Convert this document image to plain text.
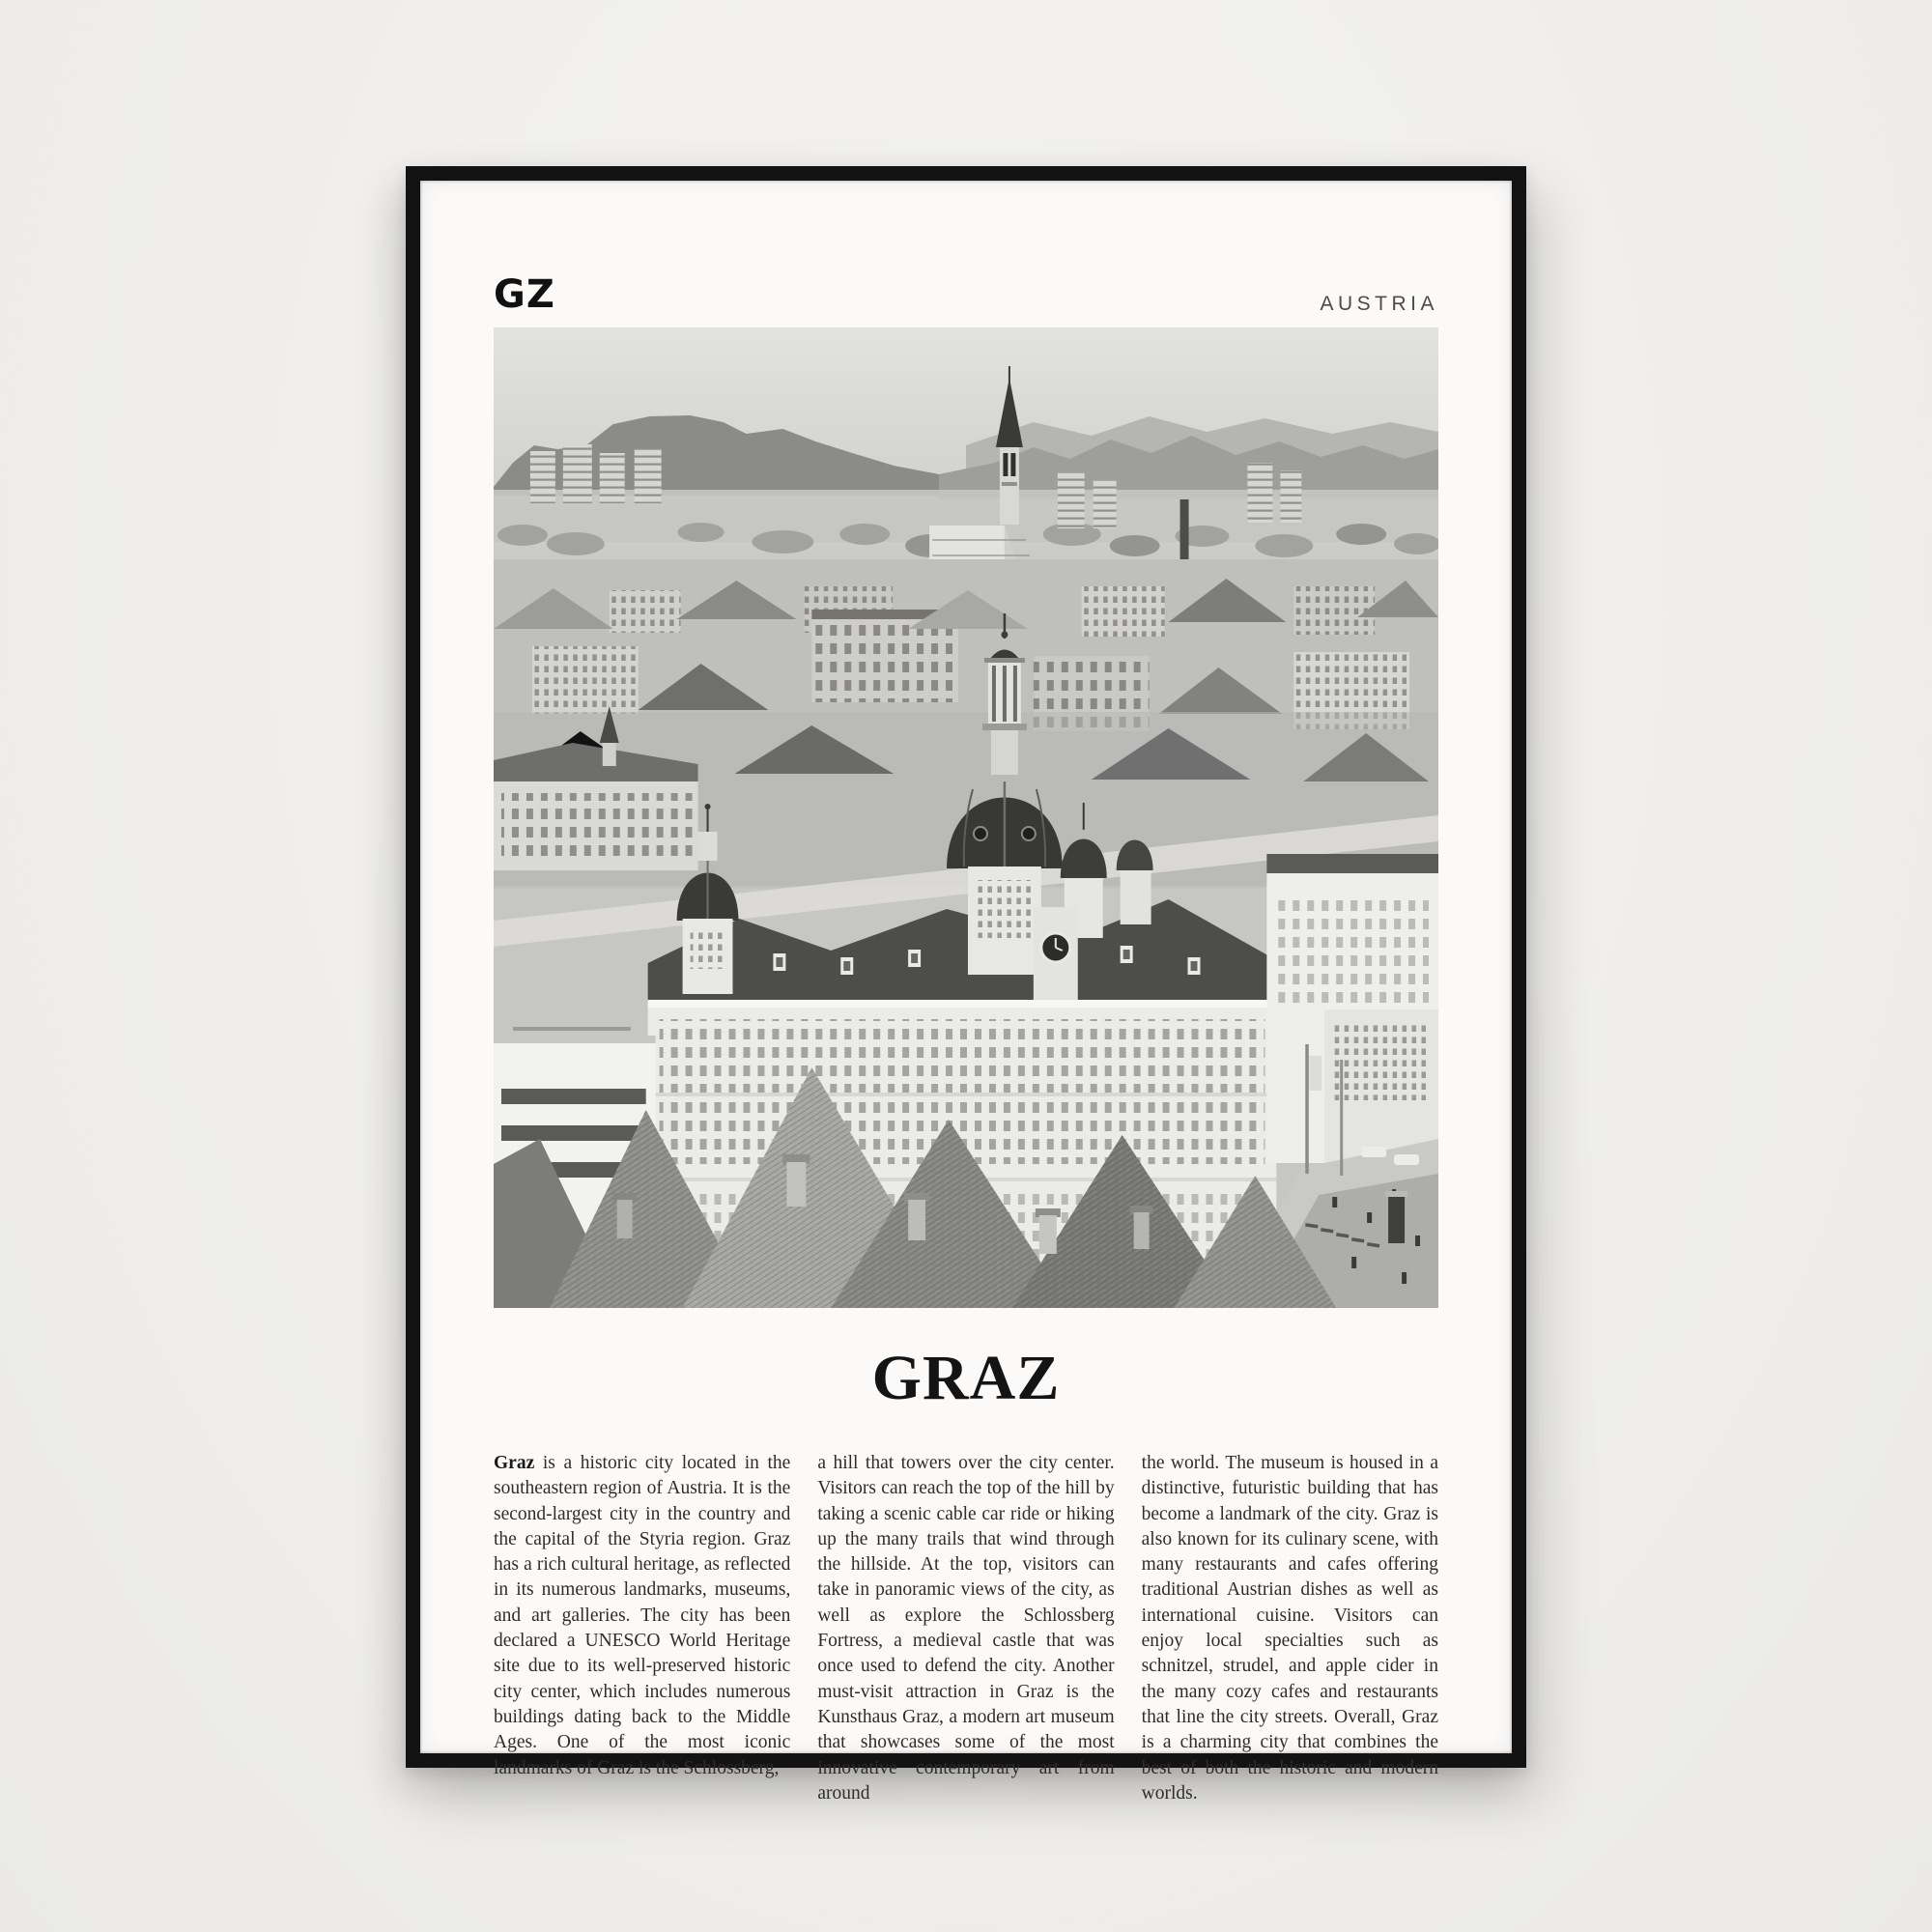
GZ	AUSTRIA
GRAZ

Graz is a historic city located in the southeastern region of Austria. It is the second-largest city in the country and the capital of the Styria region. Graz has a rich cultural heritage, as reflected in its numerous landmarks, museums, and art galleries. The city has been declared a UNESCO World Heritage site due to its well-preserved historic city center, which includes numerous buildings dating back to the Middle Ages. One of the most iconic landmarks of Graz is the Schlossberg,

a hill that towers over the city center. Visitors can reach the top of the hill by taking a scenic cable car ride or hiking up the many trails that wind through the hillside. At the top, visitors can take in panoramic views of the city, as well as explore the Schlossberg Fortress, a medieval castle that was once used to defend the city. Another must-visit attraction in Graz is the Kunsthaus Graz, a modern art museum that showcases some of the most innovative contemporary art from around

the world. The museum is housed in a distinctive, futuristic building that has become a landmark of the city. Graz is also known for its culinary scene, with many restaurants and cafes offering traditional Austrian dishes as well as international cuisine. Visitors can enjoy local specialties such as schnitzel, strudel, and apple cider in the many cozy cafes and restaurants that line the city streets. Overall, Graz is a charming city that combines the best of both the historic and modern worlds.
